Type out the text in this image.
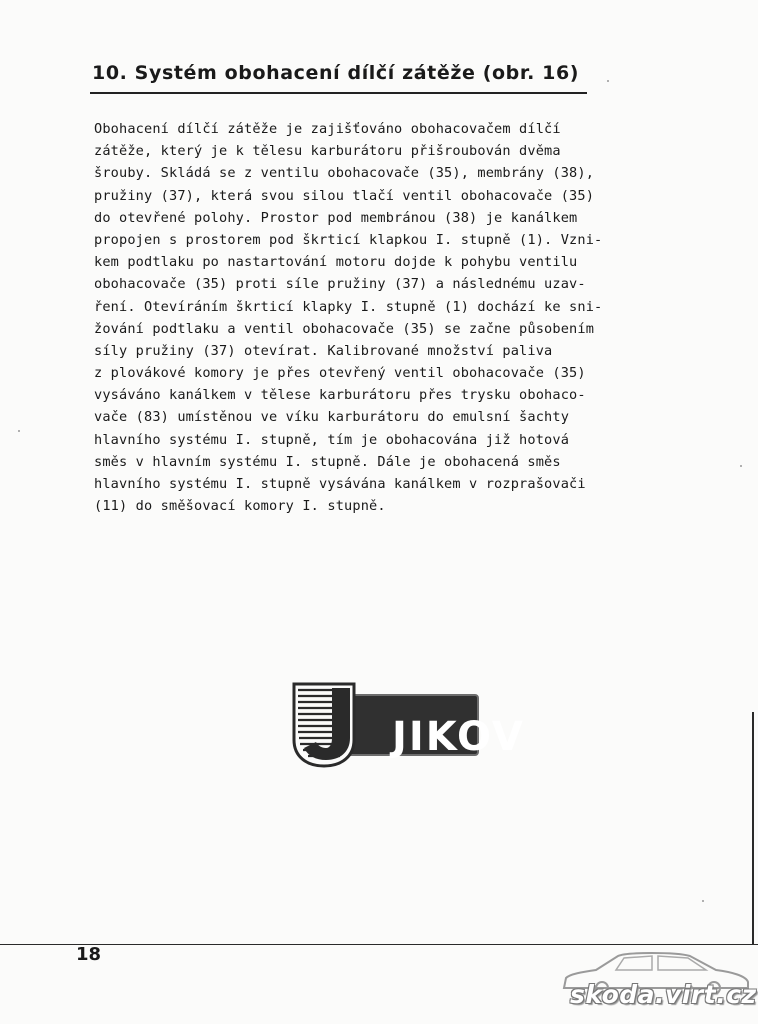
10. Systém obohacení dílčí zátěže (obr. 16)
Obohacení dílčí zátěže je zajišťováno obohacovačem dílčí
zátěže, který je k tělesu karburátoru přišroubován dvěma
šrouby. Skládá se z ventilu obohacovače (35), membrány (38),
pružiny (37), která svou silou tlačí ventil obohacovače (35)
do otevřené polohy. Prostor pod membránou (38) je kanálkem
propojen s prostorem pod škrticí klapkou I. stupně (1). Vzni-
kem podtlaku po nastartování motoru dojde k pohybu ventilu
obohacovače (35) proti síle pružiny (37) a následnému uzav-
ření. Otevíráním škrticí klapky I. stupně (1) dochází ke sni-
žování podtlaku a ventil obohacovače (35) se začne působením
síly pružiny (37) otevírat. Kalibrované množství paliva
z plovákové komory je přes otevřený ventil obohacovače (35)
vysáváno kanálkem v tělese karburátoru přes trysku obohaco-
vače (83) umístěnou ve víku karburátoru do emulsní šachty
hlavního systému I. stupně, tím je obohacována již hotová
směs v hlavním systému I. stupně. Dále je obohacená směs
hlavního systému I. stupně vysávána kanálkem v rozprašovači
(11) do směšovací komory I. stupně.
JIKOV
18
skoda.virt.cz
